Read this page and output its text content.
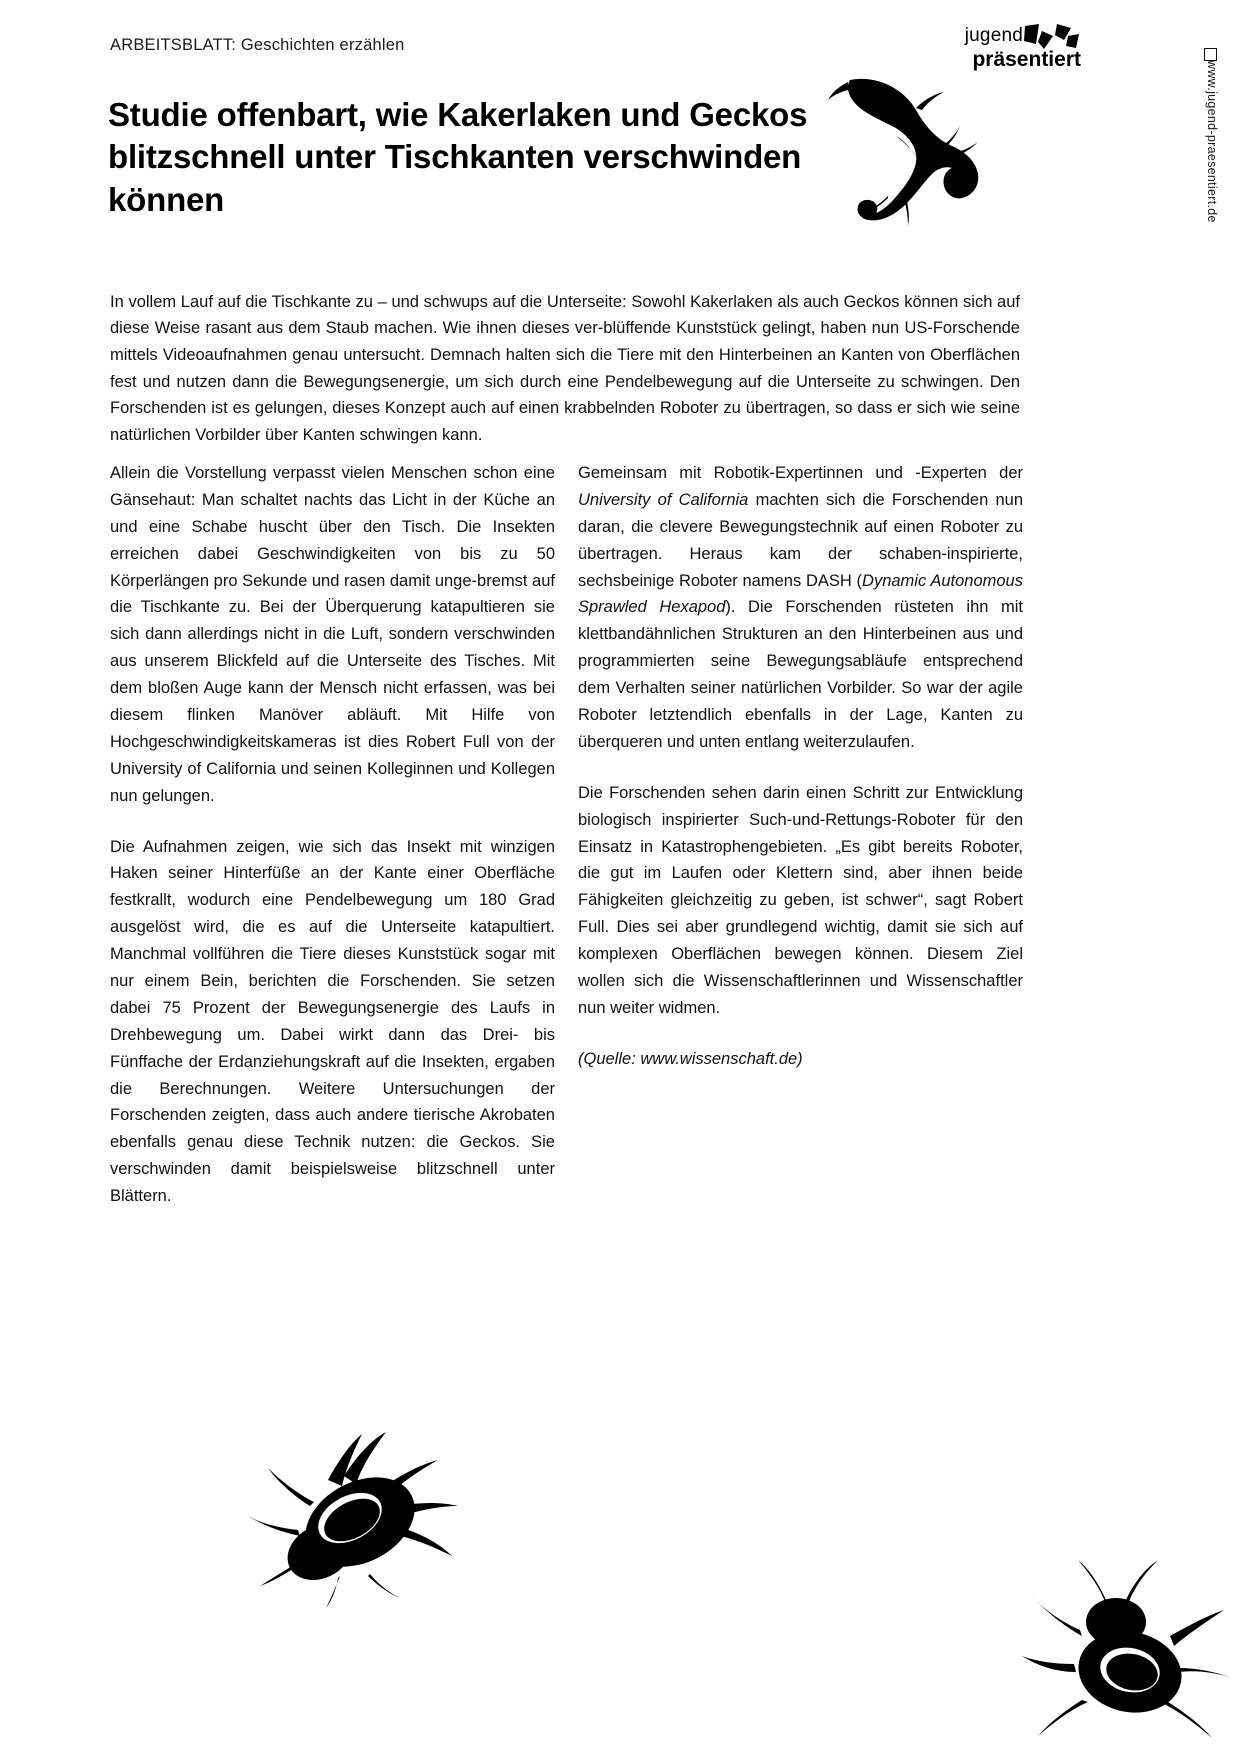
ARBEITSBLATT: Geschichten erzählen
Studie offenbart, wie Kakerlaken und Geckos blitzschnell unter Tischkanten verschwinden können
jugend
präsentiert
www.jugend-praesentiert.de

In vollem Lauf auf die Tischkante zu – und schwups auf die Unterseite: Sowohl Kakerlaken als auch Geckos können sich auf diese Weise rasant aus dem Staub machen. Wie ihnen dieses ver-blüffende Kunststück gelingt, haben nun US-Forschende mittels Videoaufnahmen genau untersucht. Demnach halten sich die Tiere mit den Hinterbeinen an Kanten von Oberflächen fest und nutzen dann die Bewegungsenergie, um sich durch eine Pendelbewegung auf die Unterseite zu schwingen. Den Forschenden ist es gelungen, dieses Konzept auch auf einen krabbelnden Roboter zu übertragen, so dass er sich wie seine natürlichen Vorbilder über Kanten schwingen kann.

Allein die Vorstellung verpasst vielen Menschen schon eine Gänsehaut: Man schaltet nachts das Licht in der Küche an und eine Schabe huscht über den Tisch. Die Insekten erreichen dabei Geschwindigkeiten von bis zu 50 Körperlängen pro Sekunde und rasen damit unge-bremst auf die Tischkante zu. Bei der Überquerung katapultieren sie sich dann allerdings nicht in die Luft, sondern verschwinden aus unserem Blickfeld auf die Unterseite des Tisches. Mit dem bloßen Auge kann der Mensch nicht erfassen, was bei diesem flinken Manöver abläuft. Mit Hilfe von Hochgeschwindigkeitskameras ist dies Robert Full von der University of California und seinen Kolleginnen und Kollegen nun gelungen.

Die Aufnahmen zeigen, wie sich das Insekt mit winzigen Haken seiner Hinterfüße an der Kante einer Oberfläche festkrallt, wodurch eine Pendelbewegung um 180 Grad ausgelöst wird, die es auf die Unterseite katapultiert. Manchmal vollführen die Tiere dieses Kunststück sogar mit nur einem Bein, berichten die Forschenden. Sie setzen dabei 75 Prozent der Bewegungsenergie des Laufs in Drehbewegung um. Dabei wirkt dann das Drei- bis Fünffache der Erdanziehungskraft auf die Insekten, ergaben die Berechnungen. Weitere Untersuchungen der Forschenden zeigten, dass auch andere tierische Akrobaten ebenfalls genau diese Technik nutzen: die Geckos. Sie verschwinden damit beispielsweise blitzschnell unter Blättern.

Gemeinsam mit Robotik-Expertinnen und -Experten der University of California machten sich die Forschenden nun daran, die clevere Bewegungstechnik auf einen Roboter zu übertragen. Heraus kam der schaben-inspirierte, sechsbeinige Roboter namens DASH (Dynamic Autonomous Sprawled Hexapod). Die Forschenden rüsteten ihn mit klettbandähnlichen Strukturen an den Hinterbeinen aus und programmierten seine Bewegungsabläufe entsprechend dem Verhalten seiner natürlichen Vorbilder. So war der agile Roboter letztendlich ebenfalls in der Lage, Kanten zu überqueren und unten entlang weiterzulaufen.

Die Forschenden sehen darin einen Schritt zur Entwicklung biologisch inspirierter Such-und-Rettungs-Roboter für den Einsatz in Katastrophengebieten. „Es gibt bereits Roboter, die gut im Laufen oder Klettern sind, aber ihnen beide Fähigkeiten gleichzeitig zu geben, ist schwer“, sagt Robert Full. Dies sei aber grundlegend wichtig, damit sie sich auf komplexen Oberflächen bewegen können. Diesem Ziel wollen sich die Wissenschaftlerinnen und Wissenschaftler nun weiter widmen.

(Quelle: www.wissenschaft.de)
